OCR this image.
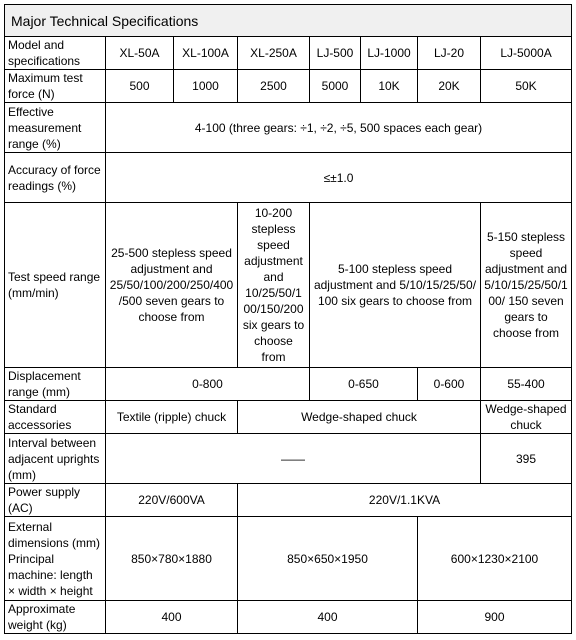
Major Technical Specifications							
Model and specifications	XL-50A	XL-100A	XL-250A	LJ-500	LJ-1000	LJ-20	LJ-5000A
Maximum test force (N)	500	1000	2500	5000	10K	20K	50K
Effective measurement range (%)	4-100 (three gears: ÷1, ÷2, ÷5, 500 spaces each gear)						
Accuracy of force readings (%)	≤±1.0						
Test speed range (mm/min)	25-500 stepless speed adjustment and 25/50/100/200/250/400 /500 seven gears to choose from		10-200 stepless speed adjustment and 10/25/50/1 00/150/200 six gears to choose from	5-100 stepless speed adjustment and 5/10/15/25/50/ 100 six gears to choose from			5-150 stepless speed adjustment and 5/10/15/25/50/1 00/ 150 seven gears to choose from
Displacement range (mm)	0-800			0-650		0-600	55-400
Standard accessories	Textile (ripple) chuck		Wedge-shaped chuck				Wedge-shaped chuck
Interval between adjacent uprights (mm)	——						395
Power supply (AC)	220V/600VA		220V/1.1KVA				
External dimensions (mm) Principal machine: length × width × height	850×780×1880		850×650×1950			600×1230×2100	
Approximate weight (kg)	400		400			900	
